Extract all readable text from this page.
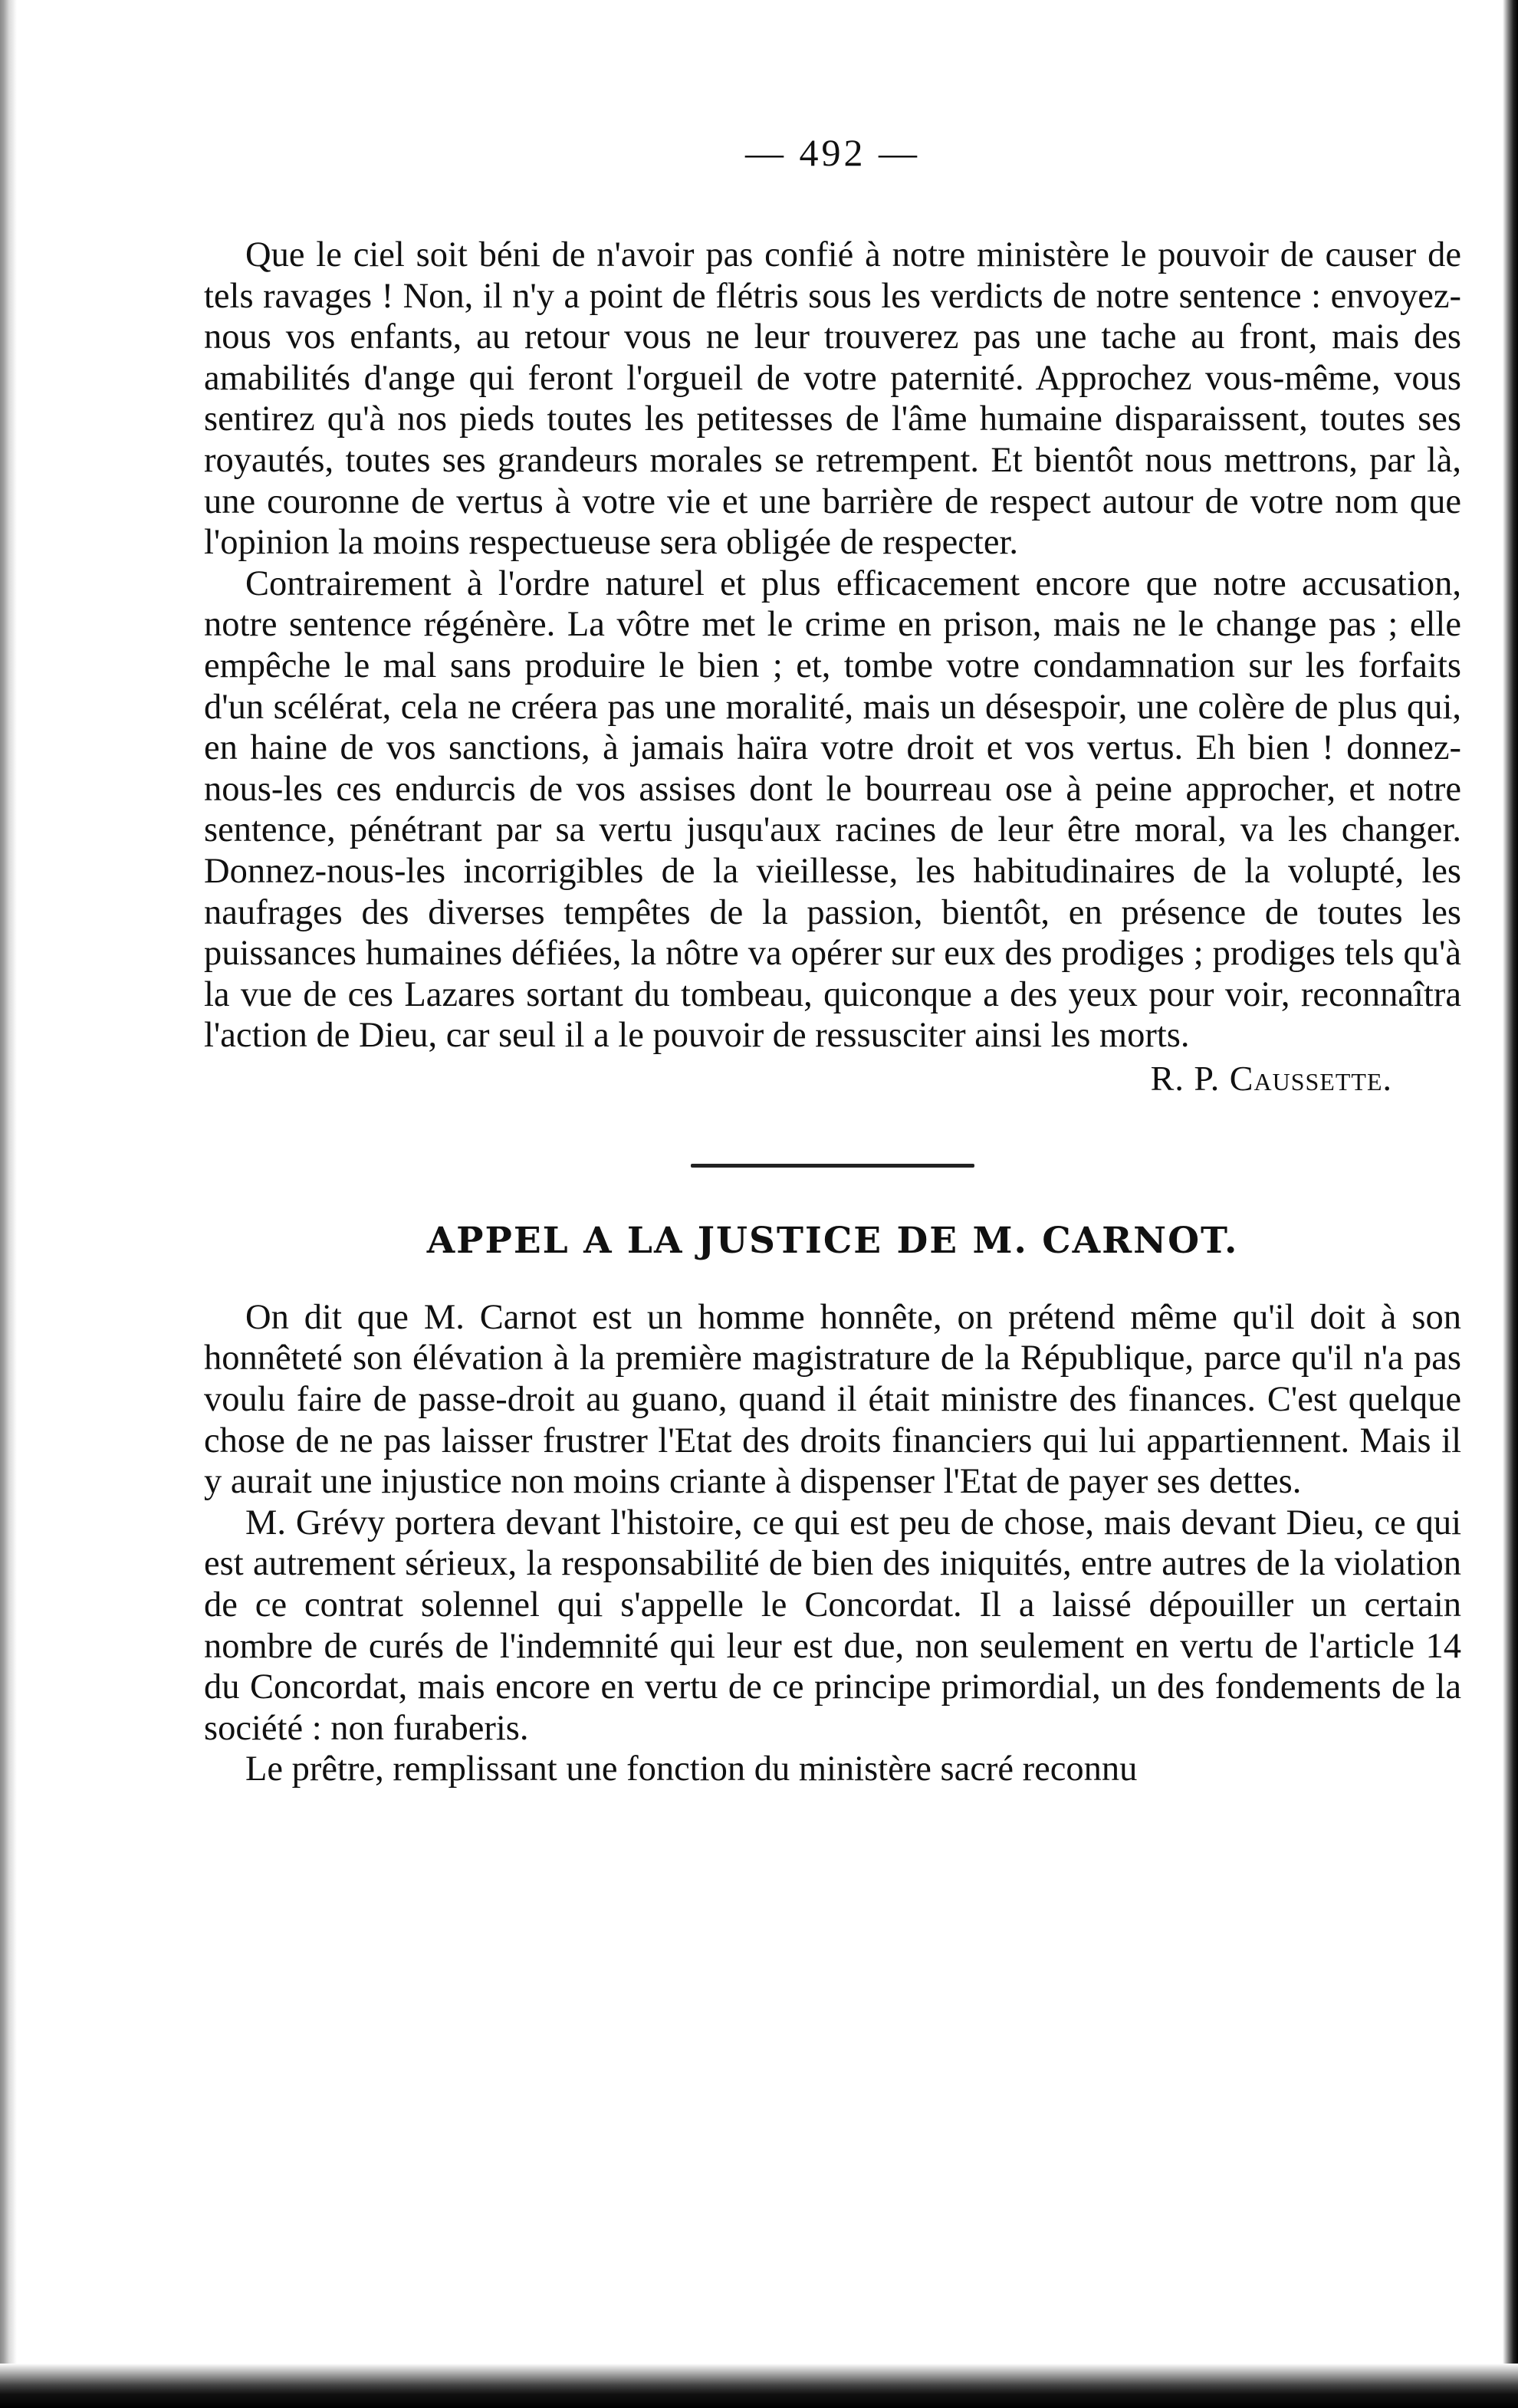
— 492 —

Que le ciel soit béni de n'avoir pas confié à notre ministère le pouvoir de causer de tels ravages ! Non, il n'y a point de flétris sous les verdicts de notre sentence : envoyez-nous vos enfants, au retour vous ne leur trouverez pas une tache au front, mais des amabilités d'ange qui feront l'orgueil de votre paternité. Approchez vous-même, vous sentirez qu'à nos pieds toutes les petitesses de l'âme humaine disparaissent, toutes ses royautés, toutes ses grandeurs morales se retrempent. Et bientôt nous mettrons, par là, une couronne de vertus à votre vie et une barrière de respect autour de votre nom que l'opinion la moins respectueuse sera obligée de respecter.

Contrairement à l'ordre naturel et plus efficacement encore que notre accusation, notre sentence régénère. La vôtre met le crime en prison, mais ne le change pas ; elle empêche le mal sans produire le bien ; et, tombe votre condamnation sur les forfaits d'un scélérat, cela ne créera pas une moralité, mais un désespoir, une colère de plus qui, en haine de vos sanctions, à jamais haïra votre droit et vos vertus. Eh bien ! donnez-nous-les ces endurcis de vos assises dont le bourreau ose à peine approcher, et notre sentence, pénétrant par sa vertu jusqu'aux racines de leur être moral, va les changer. Donnez-nous-les incorrigibles de la vieillesse, les habitudinaires de la volupté, les naufrages des diverses tempêtes de la passion, bientôt, en présence de toutes les puissances humaines défiées, la nôtre va opérer sur eux des prodiges ; prodiges tels qu'à la vue de ces Lazares sortant du tombeau, quiconque a des yeux pour voir, reconnaîtra l'action de Dieu, car seul il a le pouvoir de ressusciter ainsi les morts.

R. P. Caussette.
APPEL A LA JUSTICE DE M. CARNOT.

On dit que M. Carnot est un homme honnête, on prétend même qu'il doit à son honnêteté son élévation à la première magistrature de la République, parce qu'il n'a pas voulu faire de passe-droit au guano, quand il était ministre des finances. C'est quelque chose de ne pas laisser frustrer l'Etat des droits financiers qui lui appartiennent. Mais il y aurait une injustice non moins criante à dispenser l'Etat de payer ses dettes.

M. Grévy portera devant l'histoire, ce qui est peu de chose, mais devant Dieu, ce qui est autrement sérieux, la responsabilité de bien des iniquités, entre autres de la violation de ce contrat solennel qui s'appelle le Concordat. Il a laissé dépouiller un certain nombre de curés de l'indemnité qui leur est due, non seulement en vertu de l'article 14 du Concordat, mais encore en vertu de ce principe primordial, un des fondements de la société : non furaberis.

Le prêtre, remplissant une fonction du ministère sacré reconnu
